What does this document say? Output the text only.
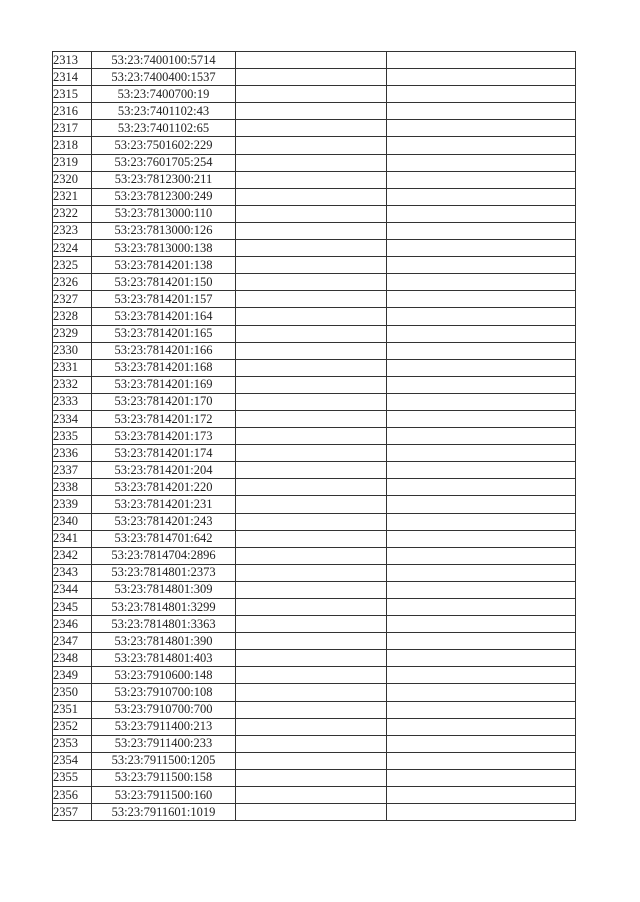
2313	53:23:7400100:5714		
2314	53:23:7400400:1537		
2315	53:23:7400700:19		
2316	53:23:7401102:43		
2317	53:23:7401102:65		
2318	53:23:7501602:229		
2319	53:23:7601705:254		
2320	53:23:7812300:211		
2321	53:23:7812300:249		
2322	53:23:7813000:110		
2323	53:23:7813000:126		
2324	53:23:7813000:138		
2325	53:23:7814201:138		
2326	53:23:7814201:150		
2327	53:23:7814201:157		
2328	53:23:7814201:164		
2329	53:23:7814201:165		
2330	53:23:7814201:166		
2331	53:23:7814201:168		
2332	53:23:7814201:169		
2333	53:23:7814201:170		
2334	53:23:7814201:172		
2335	53:23:7814201:173		
2336	53:23:7814201:174		
2337	53:23:7814201:204		
2338	53:23:7814201:220		
2339	53:23:7814201:231		
2340	53:23:7814201:243		
2341	53:23:7814701:642		
2342	53:23:7814704:2896		
2343	53:23:7814801:2373		
2344	53:23:7814801:309		
2345	53:23:7814801:3299		
2346	53:23:7814801:3363		
2347	53:23:7814801:390		
2348	53:23:7814801:403		
2349	53:23:7910600:148		
2350	53:23:7910700:108		
2351	53:23:7910700:700		
2352	53:23:7911400:213		
2353	53:23:7911400:233		
2354	53:23:7911500:1205		
2355	53:23:7911500:158		
2356	53:23:7911500:160		
2357	53:23:7911601:1019		
